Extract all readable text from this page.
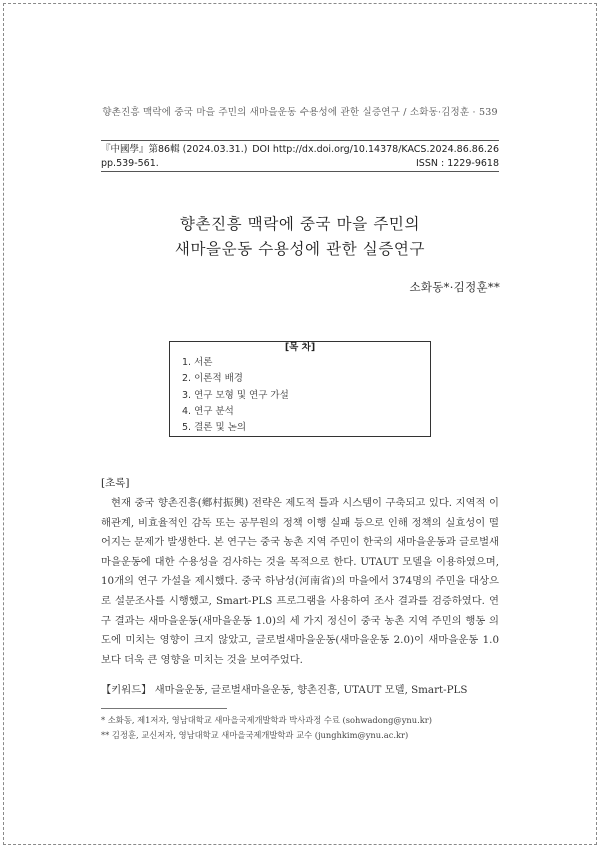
향촌진흥 맥락에 중국 마을 주민의 새마을운동 수용성에 관한 실증연구 / 소화동·김정훈 · 539
『中國學』第86輯 (2024.03.31.) DOI http://dx.doi.org/10.14378/KACS.2024.86.86.26
pp.539-561.	ISSN : 1229-9618
향촌진흥 맥락에 중국 마을 주민의
새마을운동 수용성에 관한 실증연구
소화동*·김정훈**
[목 차]
1. 서론
2. 이론적 배경
3. 연구 모형 및 연구 가설
4. 연구 분석
5. 결론 및 논의
[초록]

현재 중국 향촌진흥(鄕村振興) 전략은 제도적 틀과 시스템이 구축되고 있다. 지역적 이해관계, 비효율적인 감독 또는 공무원의 정책 이행 실패 등으로 인해 정책의 실효성이 떨어지는 문제가 발생한다. 본 연구는 중국 농촌 지역 주민이 한국의 새마을운동과 글로벌새마을운동에 대한 수용성을 검사하는 것을 목적으로 한다. UTAUT 모델을 이용하였으며, 10개의 연구 가설을 제시했다. 중국 하남성(河南省)의 마을에서 374명의 주민을 대상으로 설문조사를 시행했고, Smart-PLS 프로그램을 사용하여 조사 결과를 검증하였다. 연구 결과는 새마을운동(새마을운동 1.0)의 세 가지 정신이 중국 농촌 지역 주민의 행동 의도에 미치는 영향이 크지 않았고, 글로벌새마을운동(새마을운동 2.0)이 새마을운동 1.0보다 더욱 큰 영향을 미치는 것을 보여주었다.

【키워드】 새마을운동, 글로벌새마을운동, 향촌진흥, UTAUT 모델, Smart-PLS
* 소화동, 제1저자, 영남대학교 새마을국제개발학과 박사과정 수료 (sohwadong@ynu.kr)
** 김정훈, 교신저자, 영남대학교 새마을국제개발학과 교수 (junghkim@ynu.ac.kr)
